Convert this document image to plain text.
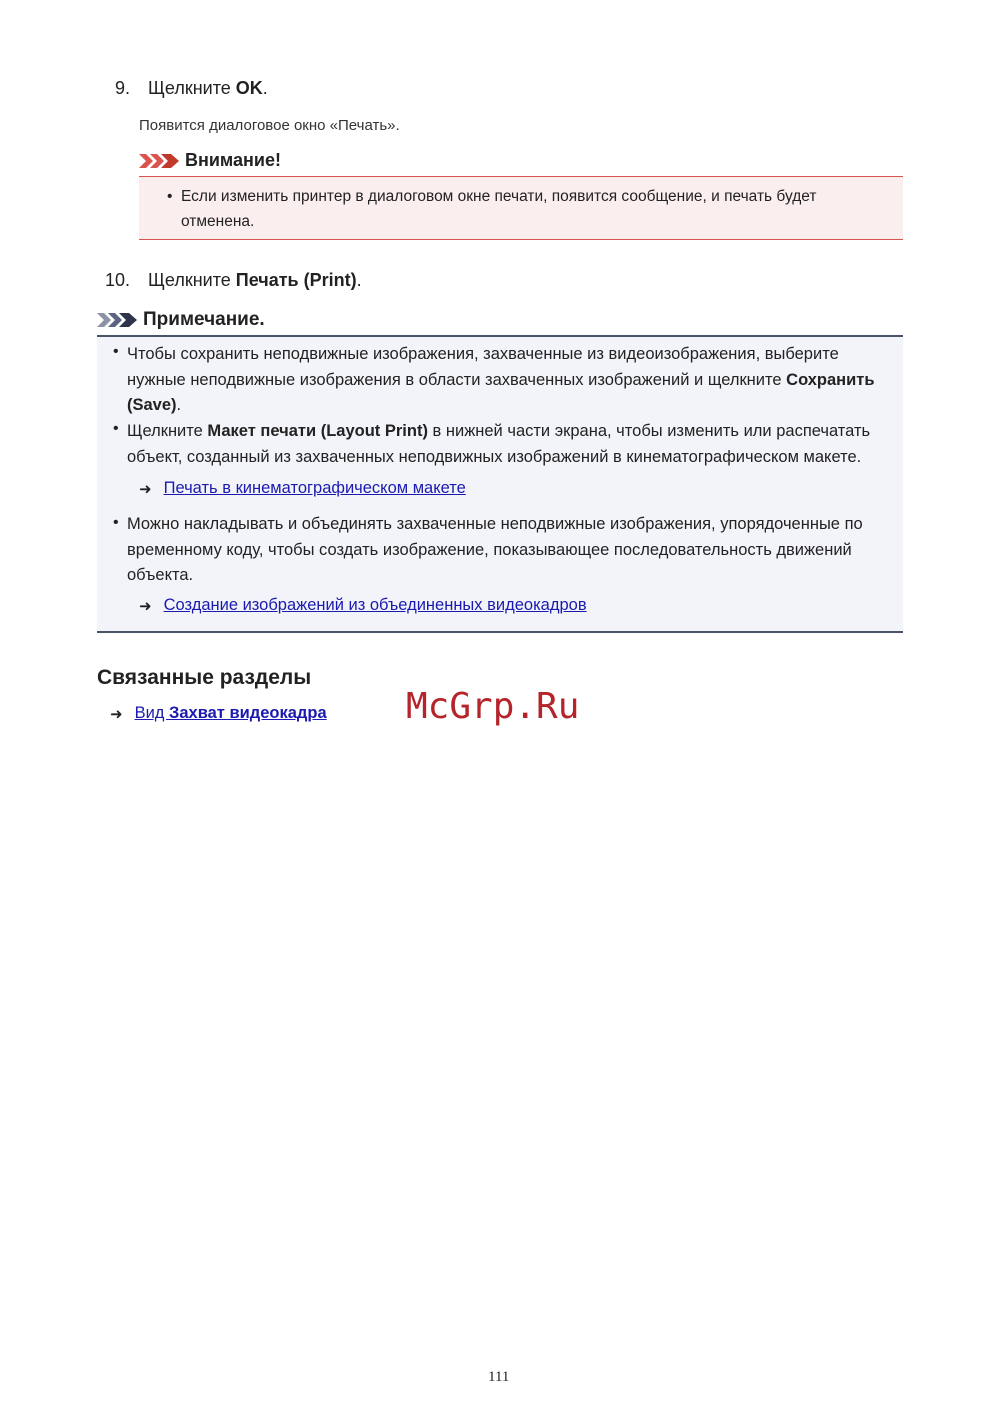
9. Щелкните OK.
Появится диалоговое окно «Печать».
Внимание!
• Если изменить принтер в диалоговом окне печати, появится сообщение, и печать будет
отменена.
10. Щелкните Печать (Print).
Примечание.
• Чтобы сохранить неподвижные изображения, захваченные из видеоизображения, выберите
нужные неподвижные изображения в области захваченных изображений и щелкните Сохранить
(Save).
• Щелкните Макет печати (Layout Print) в нижней части экрана, чтобы изменить или распечатать
объект, созданный из захваченных неподвижных изображений в кинематографическом макете.
➜ Печать в кинематографическом макете
• Можно накладывать и объединять захваченные неподвижные изображения, упорядоченные по
временному коду, чтобы создать изображение, показывающее последовательность движений
объекта.
➜ Создание изображений из объединенных видеокадров
Связанные разделы
➜ Вид Захват видеокадра McGrp.Ru
111
